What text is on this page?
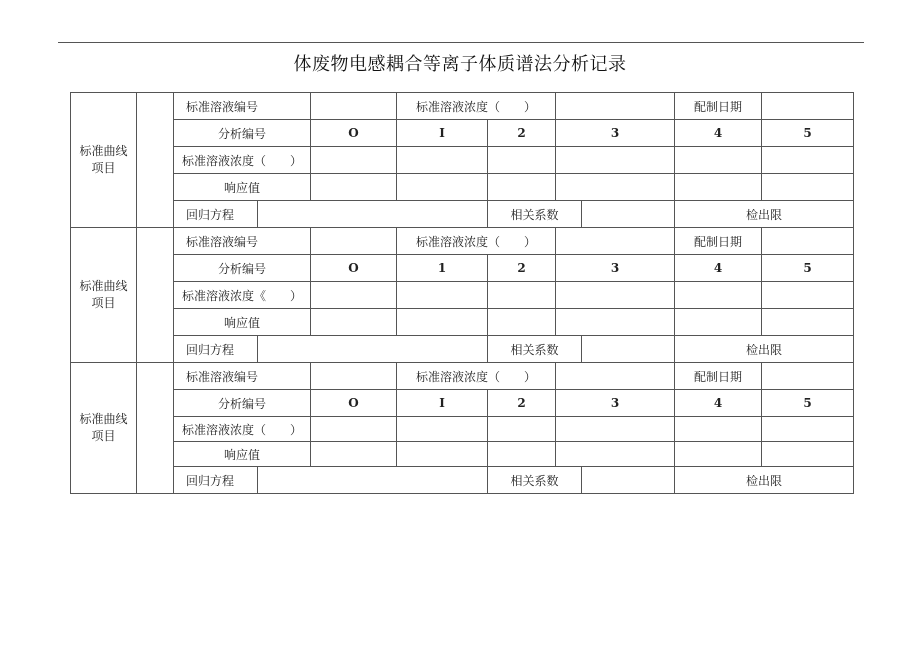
体废物电感耦合等离子体质谱法分析记录
标准曲线
项目		标准溶液编号			标准溶液浓度（　　）				配制日期		
		分析编号		O	I	2	3		4	5	
		标准溶液浓度（　　）									
		响应值									
		回归方程				相关系数			检出限		
标准曲线
项目		标准溶液编号			标准溶液浓度（　　）				配制日期		
		分析编号		O	1	2	3		4	5	
		标准溶液浓度《　　）									
		响应值									
		回归方程				相关系数			检出限		
标准曲线
项目		标准溶液编号			标准溶液浓度（　　）				配制日期		
		分析编号		O	I	2	3		4	5	
		标准溶液浓度（　　）									
		响应值									
		回归方程				相关系数			检出限		
